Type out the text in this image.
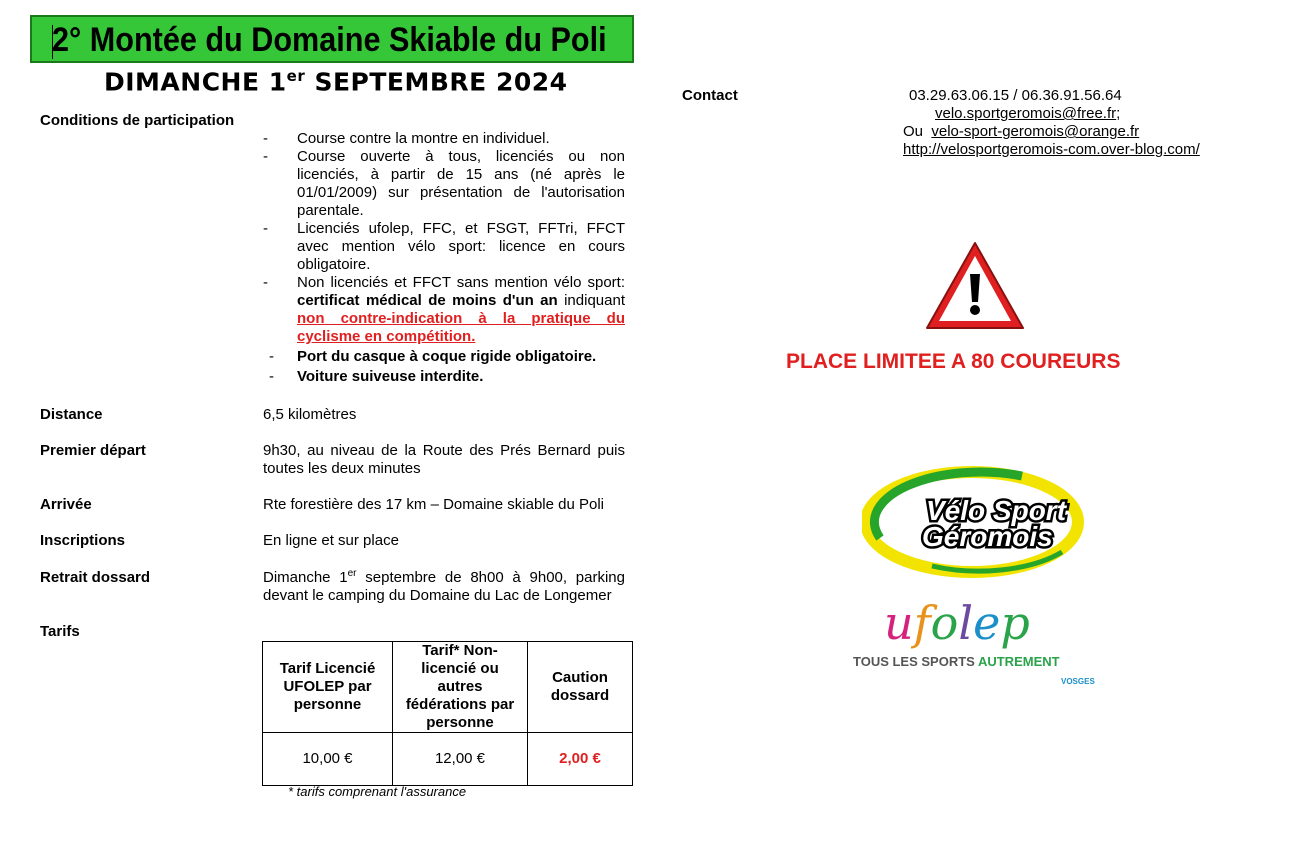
2° Montée du Domaine Skiable du Poli
DIMANCHE 1er SEPTEMBRE 2024
Conditions de participation
- Course contre la montre en individuel.
- Course ouverte à tous, licenciés ou non licenciés, à partir de 15 ans (né après le 01/01/2009) sur présentation de l'autorisation parentale.
- Licenciés ufolep, FFC, et FSGT, FFTri, FFCT avec mention vélo sport: licence en cours obligatoire.
- Non licenciés et FFCT sans mention vélo sport: certificat médical de moins d'un an indiquant non contre-indication à la pratique du cyclisme en compétition.
- Port du casque à coque rigide obligatoire.
- Voiture suiveuse interdite.
Distance	6,5 kilomètres
Premier départ	9h30, au niveau de la Route des Prés Bernard puis toutes les deux minutes
Arrivée	Rte forestière des 17 km – Domaine skiable du Poli
Inscriptions	En ligne et sur place
Retrait dossard	Dimanche 1er septembre de 8h00 à 9h00, parking devant le camping du Domaine du Lac de Longemer
Tarifs
Tarif Licencié UFOLEP par personne	Tarif* Non-licencié ou autres fédérations par personne	Caution dossard
10,00 €	12,00 €	2,00 €
* tarifs comprenant l'assurance
Contact	03.29.63.06.15 / 06.36.91.56.64
velo.sportgeromois@free.fr;
Ou velo-sport-geromois@orange.fr
http://velosportgeromois-com.over-blog.com/
PLACE LIMITEE A 80 COUREURS
Vélo Sport
Géromois
ufolep
TOUS LES SPORTS AUTREMENT
VOSGES
